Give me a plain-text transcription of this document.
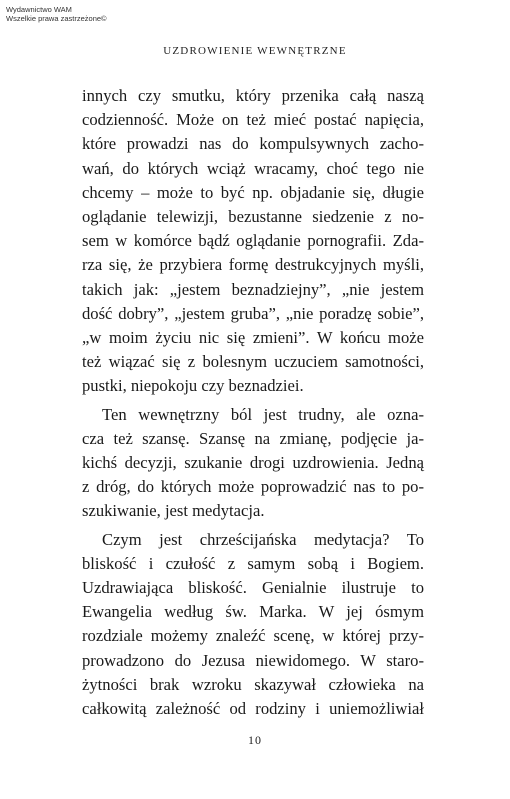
Wydawnictwo WAM
Wszelkie prawa zastrzeżone©
UZDROWIENIE WEWNĘTRZNE
innych czy smutku, który przenika całą naszą
codzienność. Może on też mieć postać napięcia,
które prowadzi nas do kompulsywnych zacho-
wań, do których wciąż wracamy, choć tego nie
chcemy – może to być np. objadanie się, długie
oglądanie telewizji, bezustanne siedzenie z no-
sem w komórce bądź oglądanie pornografii. Zda-
rza się, że przybiera formę destrukcyjnych myśli,
takich jak: „jestem beznadziejny”, „nie jestem
dość dobry”, „jestem gruba”, „nie poradzę sobie”,
„w moim życiu nic się zmieni”. W końcu może
też wiązać się z bolesnym uczuciem samotności,
pustki, niepokoju czy beznadziei.
Ten wewnętrzny ból jest trudny, ale ozna-
cza też szansę. Szansę na zmianę, podjęcie ja-
kichś decyzji, szukanie drogi uzdrowienia. Jedną
z dróg, do których może poprowadzić nas to po-
szukiwanie, jest medytacja.
Czym jest chrześcijańska medytacja? To
bliskość i czułość z samym sobą i Bogiem.
Uzdrawiająca bliskość. Genialnie ilustruje to
Ewangelia według św. Marka. W jej ósmym
rozdziale możemy znaleźć scenę, w której przy-
prowadzono do Jezusa niewidomego. W staro-
żytności brak wzroku skazywał człowieka na
całkowitą zależność od rodziny i uniemożliwiał
10
